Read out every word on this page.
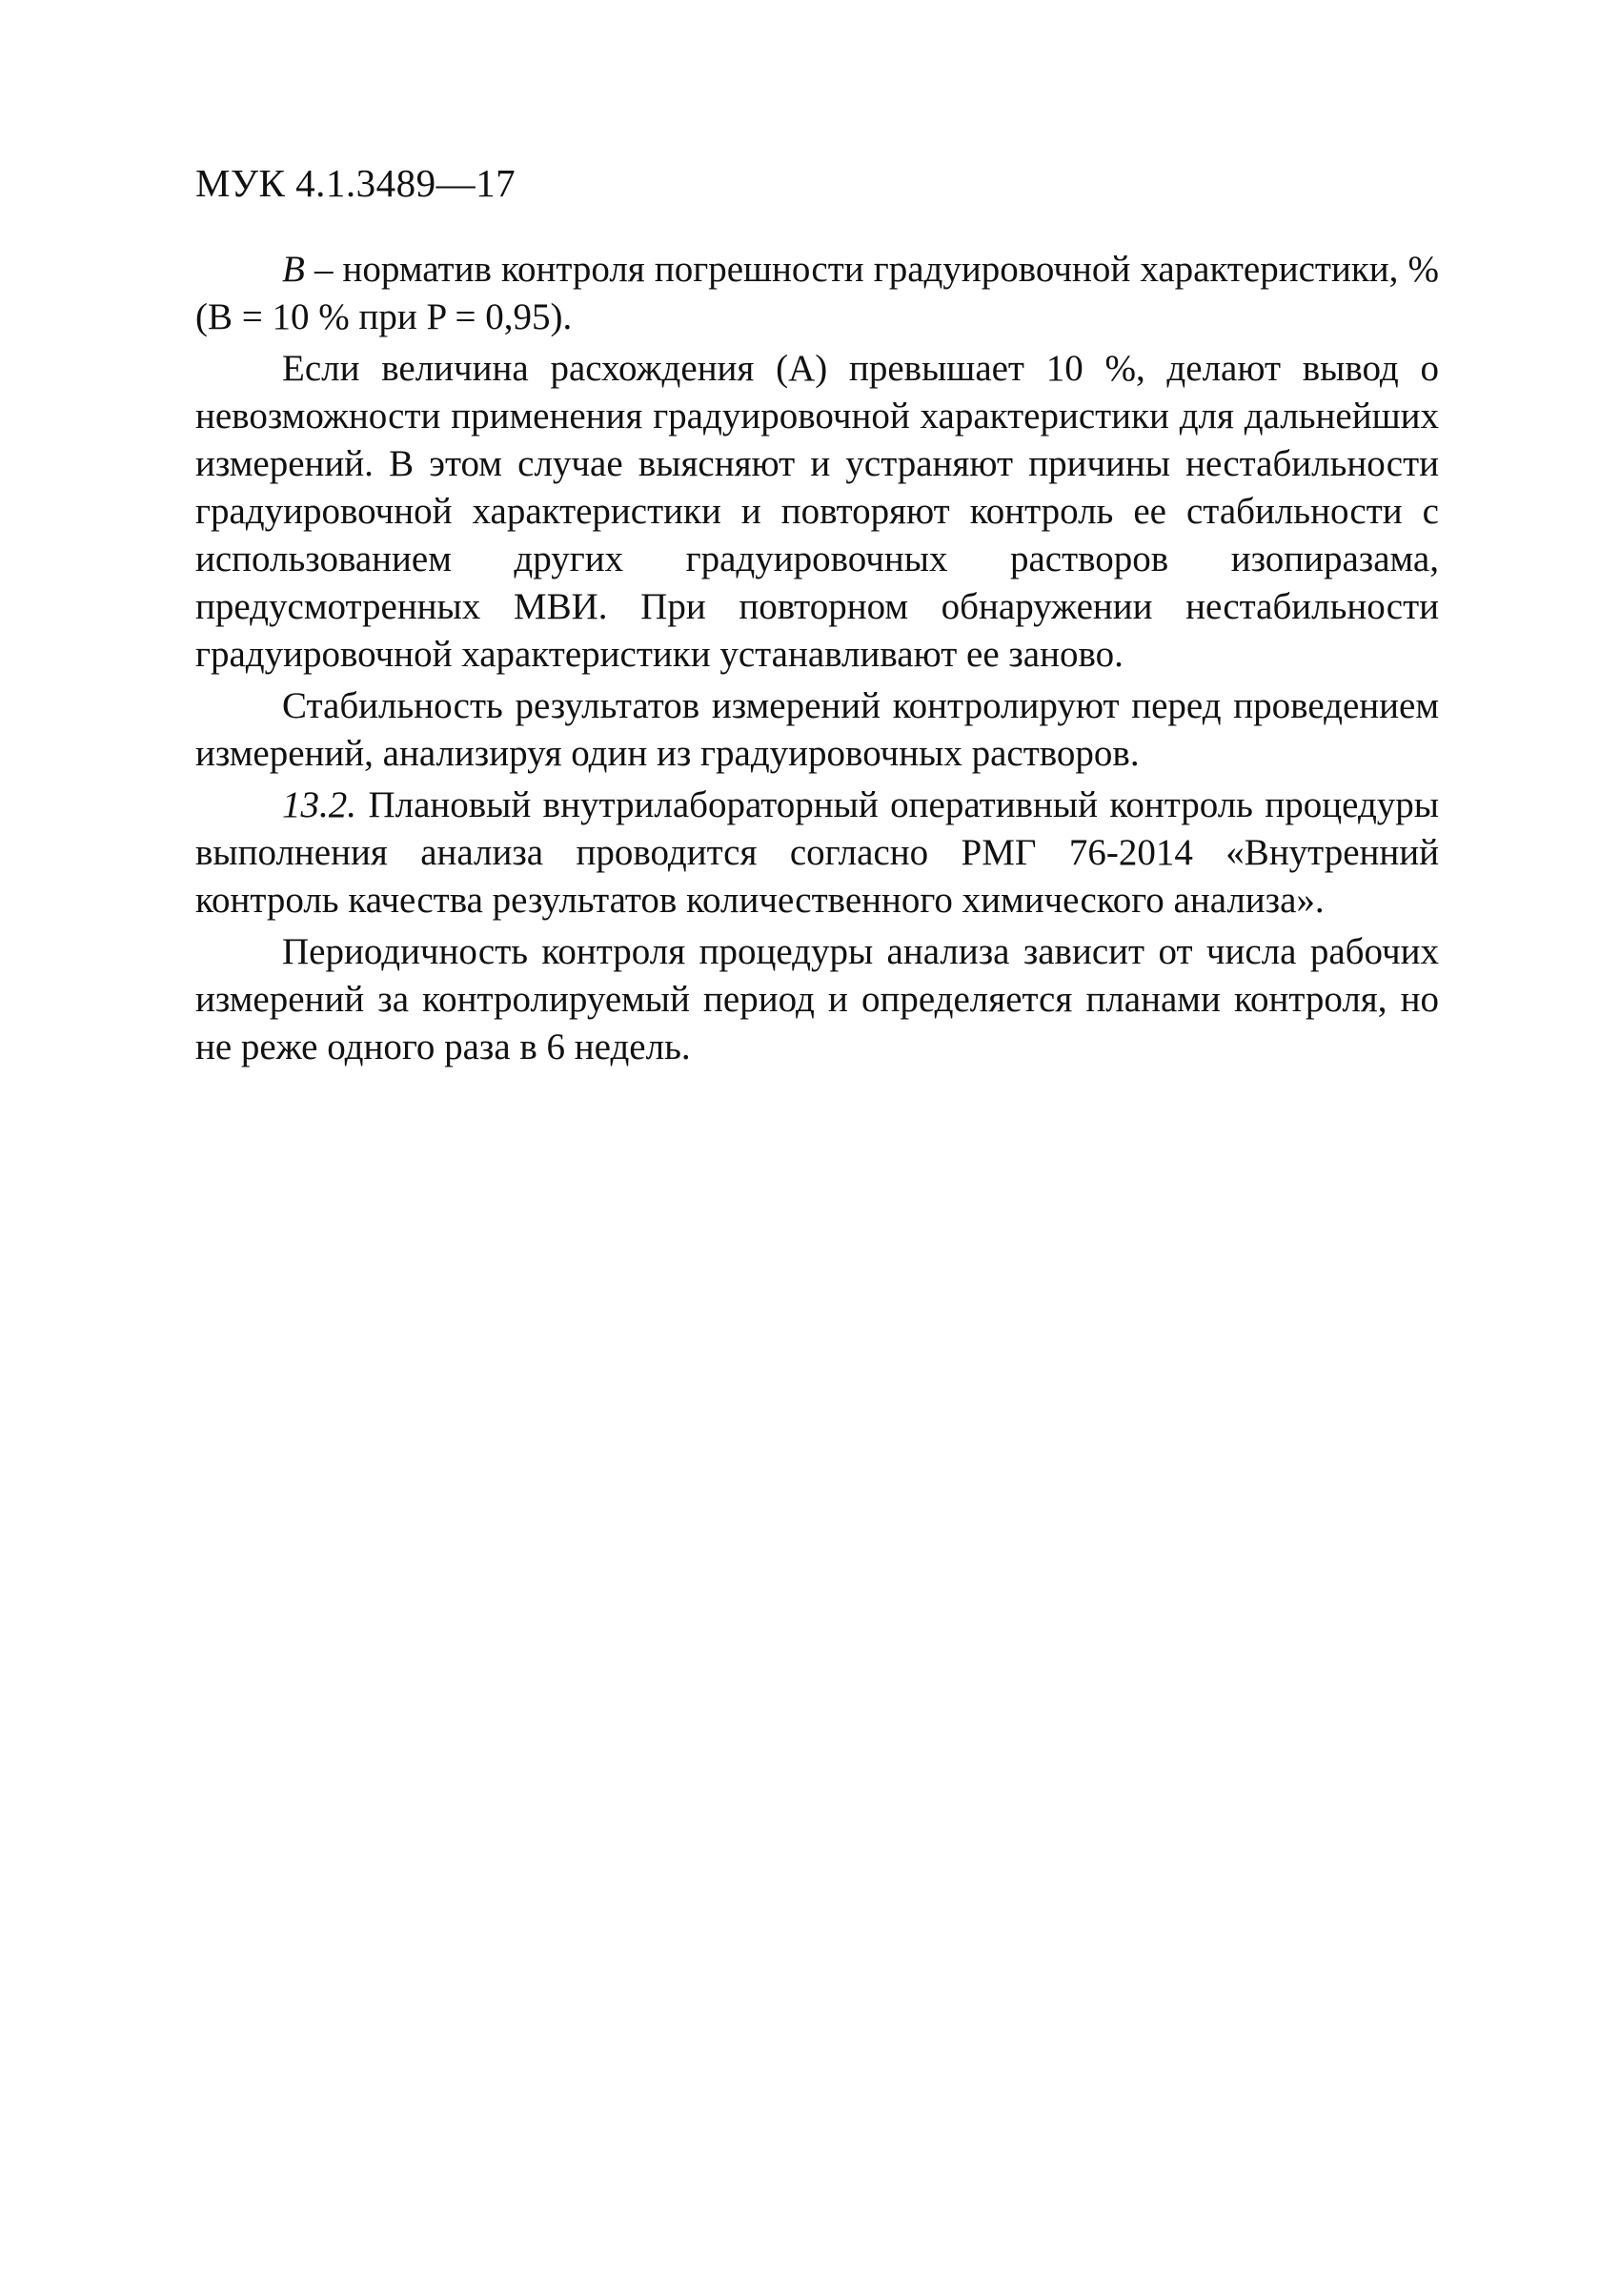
МУК 4.1.3489—17

B – норматив контроля погрешности градуировочной характеристики, % (B = 10 % при P = 0,95).

Если величина расхождения (A) превышает 10 %, делают вывод о невозможности применения градуировочной характеристики для дальнейших измерений. В этом случае выясняют и устраняют причины нестабильности градуировочной характеристики и повторяют контроль ее стабильности с использованием других градуировочных растворов изопиразама, предусмотренных МВИ. При повторном обнаружении нестабильности градуировочной характеристики устанавливают ее заново.

Стабильность результатов измерений контролируют перед проведением измерений, анализируя один из градуировочных растворов.

13.2. Плановый внутрилабораторный оперативный контроль процедуры выполнения анализа проводится согласно РМГ 76-2014 «Внутренний контроль качества результатов количественного химического анализа».

Периодичность контроля процедуры анализа зависит от числа рабочих измерений за контролируемый период и определяется планами контроля, но не реже одного раза в 6 недель.
